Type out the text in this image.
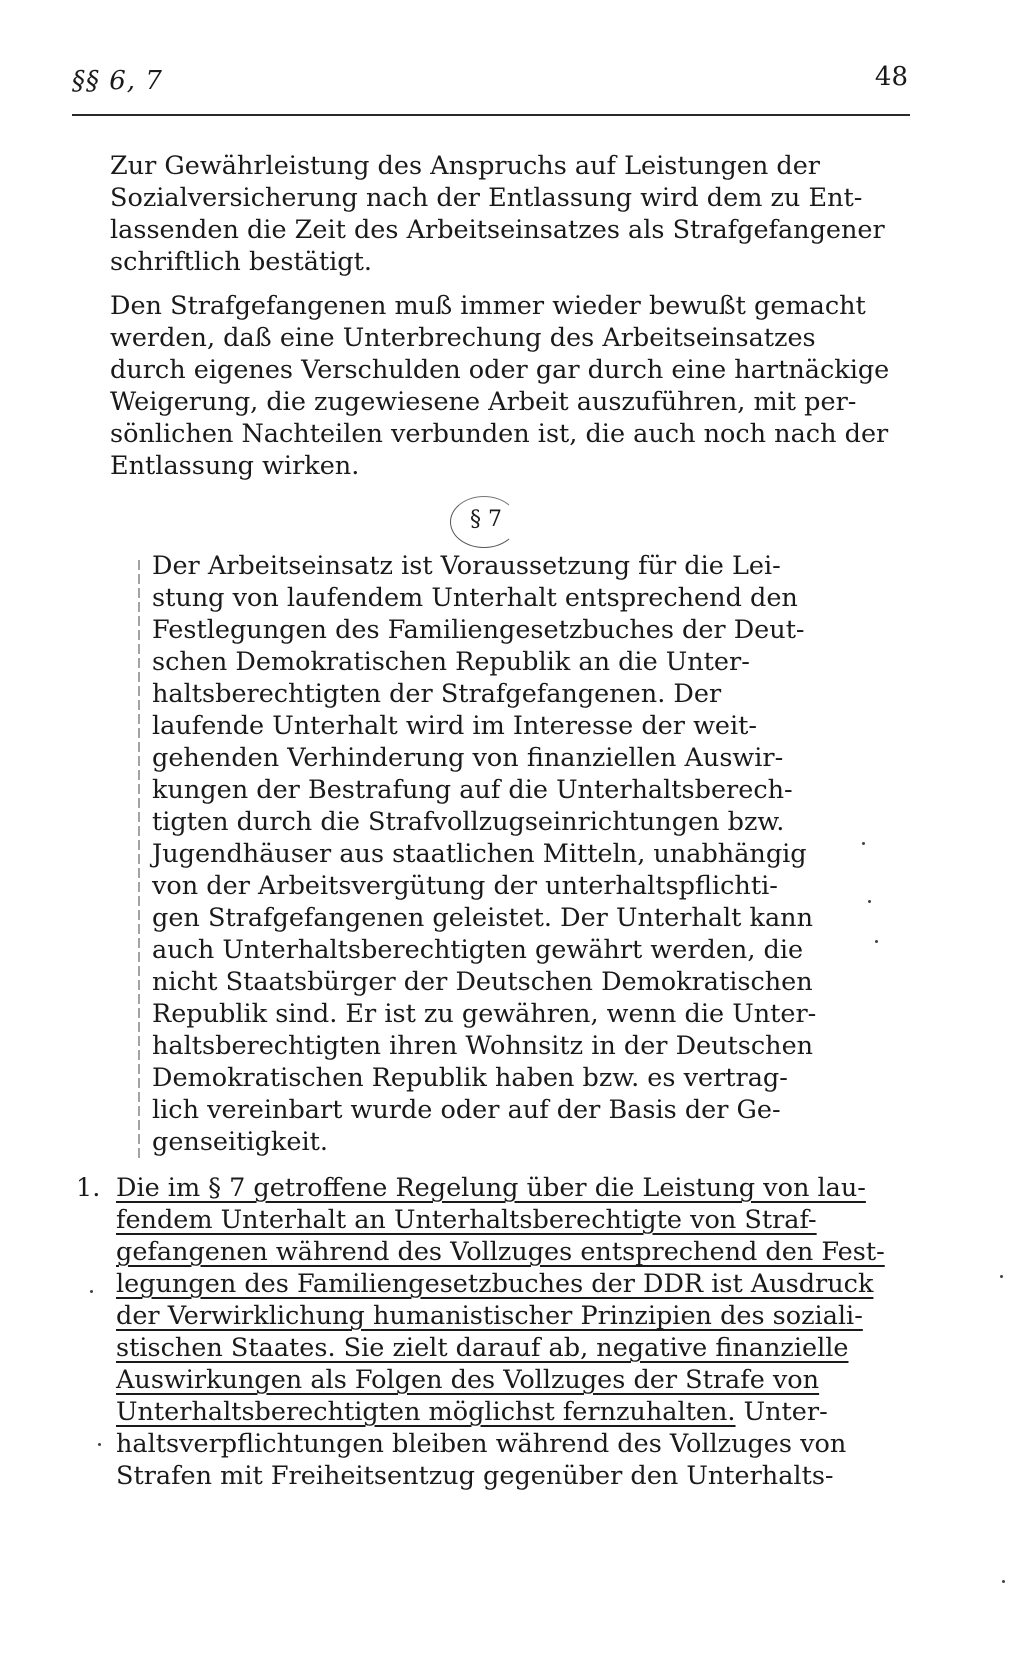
§§ 6, 7	48

Zur Gewährleistung des Anspruchs auf Leistungen der
Sozialversicherung nach der Entlassung wird dem zu Ent-
lassenden die Zeit des Arbeitseinsatzes als Strafgefangener
schriftlich bestätigt.

Den Strafgefangenen muß immer wieder bewußt gemacht
werden, daß eine Unterbrechung des Arbeitseinsatzes
durch eigenes Verschulden oder gar durch eine hartnäckige
Weigerung, die zugewiesene Arbeit auszuführen, mit per-
sönlichen Nachteilen verbunden ist, die auch noch nach der
Entlassung wirken.

§ 7

Der Arbeitseinsatz ist Voraussetzung für die Lei-
stung von laufendem Unterhalt entsprechend den
Festlegungen des Familiengesetzbuches der Deut-
schen Demokratischen Republik an die Unter-
haltsberechtigten der Strafgefangenen. Der
laufende Unterhalt wird im Interesse der weit-
gehenden Verhinderung von finanziellen Auswir-
kungen der Bestrafung auf die Unterhaltsberech-
tigten durch die Strafvollzugseinrichtungen bzw.
Jugendhäuser aus staatlichen Mitteln, unabhängig
von der Arbeitsvergütung der unterhaltspflichti-
gen Strafgefangenen geleistet. Der Unterhalt kann
auch Unterhaltsberechtigten gewährt werden, die
nicht Staatsbürger der Deutschen Demokratischen
Republik sind. Er ist zu gewähren, wenn die Unter-
haltsberechtigten ihren Wohnsitz in der Deutschen
Demokratischen Republik haben bzw. es vertrag-
lich vereinbart wurde oder auf der Basis der Ge-
genseitigkeit.

1. Die im § 7 getroffene Regelung über die Leistung von lau-
fendem Unterhalt an Unterhaltsberechtigte von Straf-
gefangenen während des Vollzuges entsprechend den Fest-
legungen des Familiengesetzbuches der DDR ist Ausdruck
der Verwirklichung humanistischer Prinzipien des soziali-
stischen Staates. Sie zielt darauf ab, negative finanzielle
Auswirkungen als Folgen des Vollzuges der Strafe von
Unterhaltsberechtigten möglichst fernzuhalten. Unter-
haltsverpflichtungen bleiben während des Vollzuges von
Strafen mit Freiheitsentzug gegenüber den Unterhalts-
